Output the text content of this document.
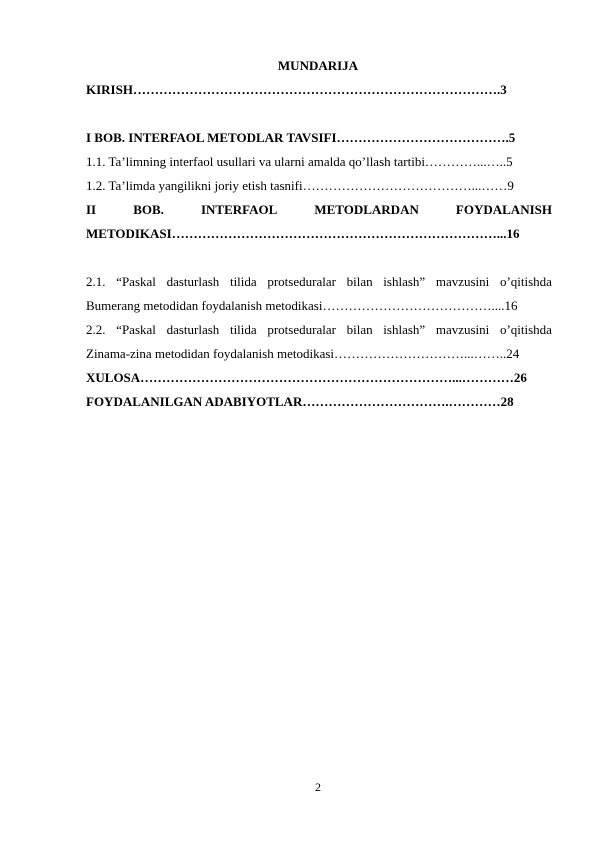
MUNDARIJA
KIRISH………………………………………………………………………….3
I BOB. INTERFAOL METODLAR TAVSIFI………………………………….5
1.1. Ta’limning interfaol usullari va ularni amalda qo’llash tartibi…………...…..5
1.2. Ta’limda yangilikni joriy etish tasnifi…………………………………...……9
II	BOB.	INTERFAOL	METODLARDAN	FOYDALANISH
METODIKASI…………………………………………………………………...16
2.1. “Paskal dasturlash tilida protseduralar bilan ishlash” mavzusini o’qitishda
Bumerang metodidan foydalanish metodikasi…………………………………....16
2.2. “Paskal dasturlash tilida protseduralar bilan ishlash” mavzusini o’qitishda
Zinama-zina metodidan foydalanish metodikasi…………………………...……..24
XULOSA………………………………………………………………...…………26
FOYDALANILGAN ADABIYOTLAR…………………………….…………28
2
